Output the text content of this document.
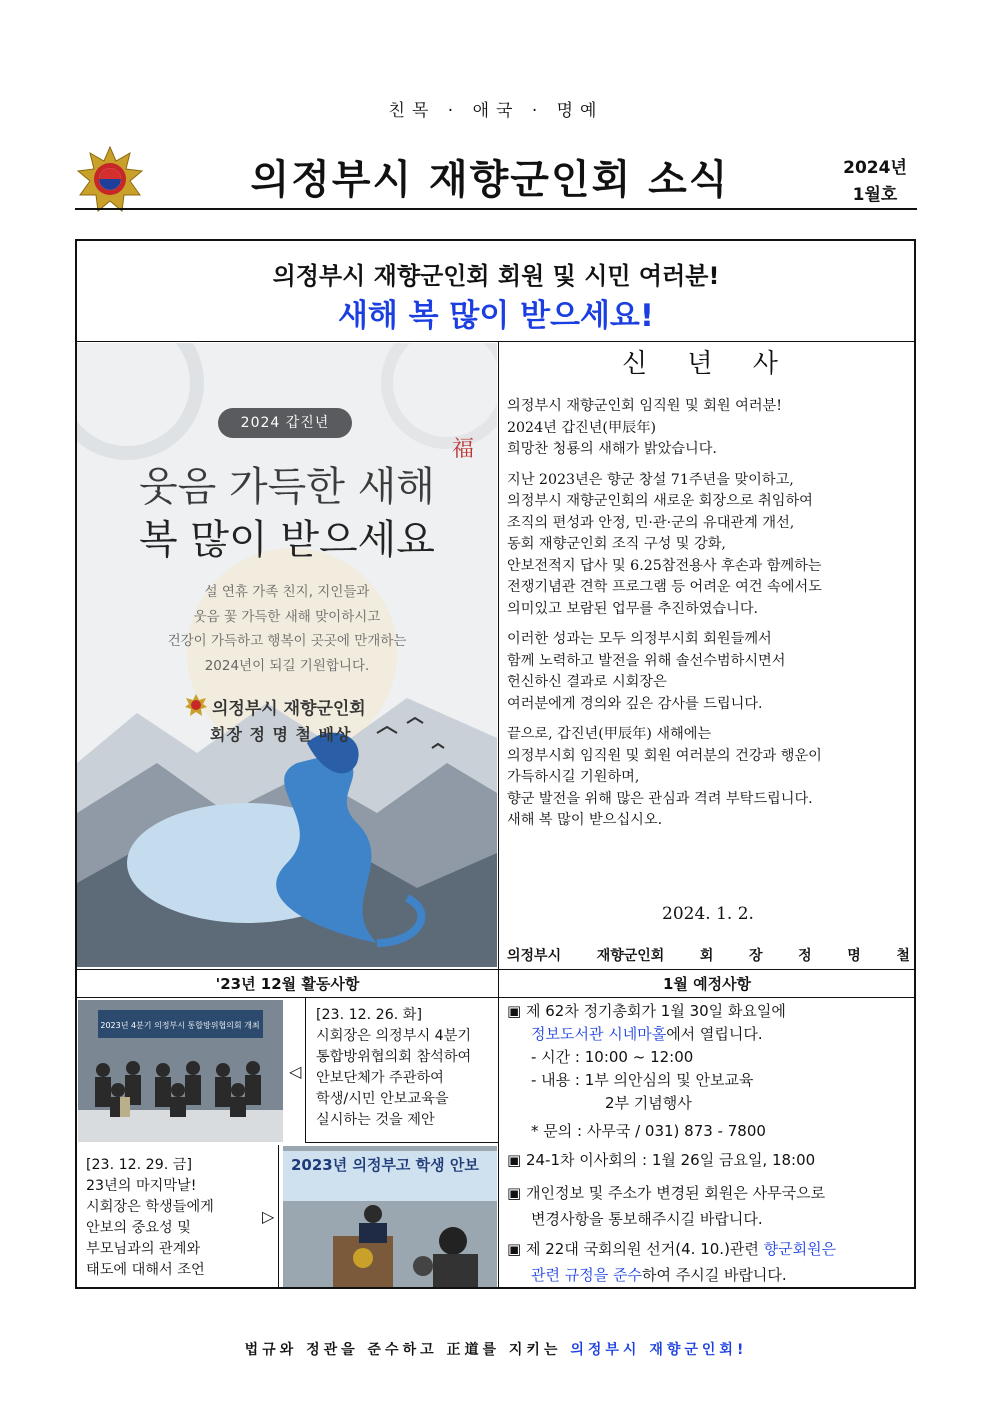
친목 · 애국 · 명예
의정부시 재향군인회 소식	2024년
1월호
의정부시 재향군인회 회원 및 시민 여러분!
새해 복 많이 받으세요!
2024 갑진년
福
웃음 가득한 새해
복 많이 받으세요
설 연휴 가족 친지, 지인들과
웃음 꽃 가득한 새해 맞이하시고
건강이 가득하고 행복이 곳곳에 만개하는
2024년이 되길 기원합니다.
의정부시 재향군인회
회장 정 명 철 배상
신 년 사

의정부시 재향군인회 임직원 및 회원 여러분!
2024년 갑진년(甲辰年)
희망찬 청룡의 새해가 밝았습니다.

지난 2023년은 향군 창설 71주년을 맞이하고,
의정부시 재향군인회의 새로운 회장으로 취임하여
조직의 편성과 안정, 민·관·군의 유대관계 개선,
동회 재향군인회 조직 구성 및 강화,
안보전적지 답사 및 6.25참전용사 후손과 함께하는
전쟁기념관 견학 프로그램 등 어려운 여건 속에서도
의미있고 보람된 업무를 추진하였습니다.

이러한 성과는 모두 의정부시회 회원들께서
함께 노력하고 발전을 위해 솔선수범하시면서
헌신하신 결과로 시회장은
여러분에게 경의와 깊은 감사를 드립니다.

끝으로, 갑진년(甲辰年) 새해에는
의정부시회 임직원 및 회원 여러분의 건강과 행운이
가득하시길 기원하며,
향군 발전을 위해 많은 관심과 격려 부탁드립니다.
새해 복 많이 받으십시오.

2024. 1. 2.
의정부시	재향군인회	회	장	정	명	철
'23년 12월 활동사항	1월 예정사항
2023년 4분기 의정부시 통합방위협의회 개최
◁
[23. 12. 26. 화]
시회장은 의정부시 4분기
통합방위협의회 참석하여
안보단체가 주관하여
학생/시민 안보교육을
실시하는 것을 제안
[23. 12. 29. 금]
23년의 마지막날!
시회장은 학생들에게
안보의 중요성 및
부모님과의 관계와
태도에 대해서 조언
▷
2023년 의정부고 학생 안보
▣ 제 62차 정기총회가 1월 30일 화요일에
정보도서관 시네마홀에서 열립니다.
- 시간 : 10:00 ~ 12:00
- 내용 : 1부 의안심의 및 안보교육
2부 기념행사
* 문의 : 사무국 / 031) 873 - 7800
▣ 24-1차 이사회의 : 1월 26일 금요일, 18:00
▣ 개인정보 및 주소가 변경된 회원은 사무국으로
변경사항을 통보해주시길 바랍니다.
▣ 제 22대 국회의원 선거(4. 10.)관련 향군회원은
관련 규정을 준수하여 주시길 바랍니다.
법규와 정관을 준수하고 正道를 지키는 의정부시 재향군인회!
